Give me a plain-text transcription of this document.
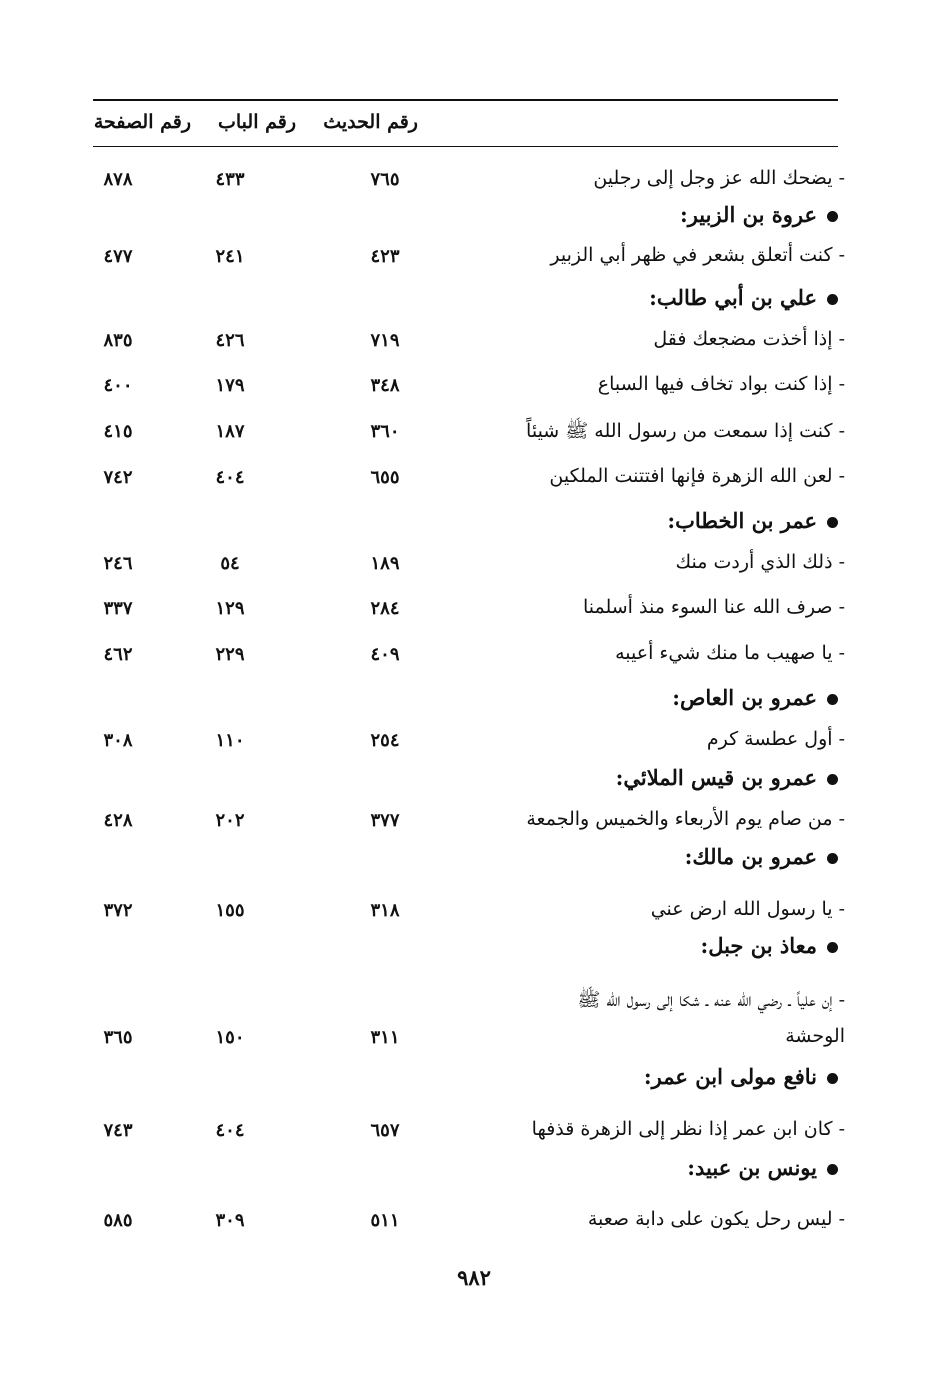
رقم الحديث
رقم الباب
رقم الصفحة
- يضحك الله عز وجل إلى رجلين
٧٦٥
٤٣٣
٨٧٨
عروة بن الزبير:
- كنت أتعلق بشعر في ظهر أبي الزبير
٤٢٣
٢٤١
٤٧٧
علي بن أبي طالب:
- إذا أخذت مضجعك فقل
٧١٩
٤٢٦
٨٣٥
- إذا كنت بواد تخاف فيها السباع
٣٤٨
١٧٩
٤٠٠
- كنت إذا سمعت من رسول الله ﷺ شيئاً
٣٦٠
١٨٧
٤١٥
- لعن الله الزهرة فإنها افتتنت الملكين
٦٥٥
٤٠٤
٧٤٢
عمر بن الخطاب:
- ذلك الذي أردت منك
١٨٩
٥٤
٢٤٦
- صرف الله عنا السوء منذ أسلمنا
٢٨٤
١٢٩
٣٣٧
- يا صهيب ما منك شيء أعيبه
٤٠٩
٢٢٩
٤٦٢
عمرو بن العاص:
- أول عطسة كرم
٢٥٤
١١٠
٣٠٨
عمرو بن قيس الملائي:
- من صام يوم الأربعاء والخميس والجمعة
٣٧٧
٢٠٢
٤٢٨
عمرو بن مالك:
- يا رسول الله ارض عني
٣١٨
١٥٥
٣٧٢
معاذ بن جبل:
- إن علياً ـ رضي الله عنه ـ شكا إلى رسول الله ﷺ
الوحشة
٣١١
١٥٠
٣٦٥
نافع مولى ابن عمر:
- كان ابن عمر إذا نظر إلى الزهرة قذفها
٦٥٧
٤٠٤
٧٤٣
يونس بن عبيد:
- ليس رحل يكون على دابة صعبة
٥١١
٣٠٩
٥٨٥
٩٨٢
